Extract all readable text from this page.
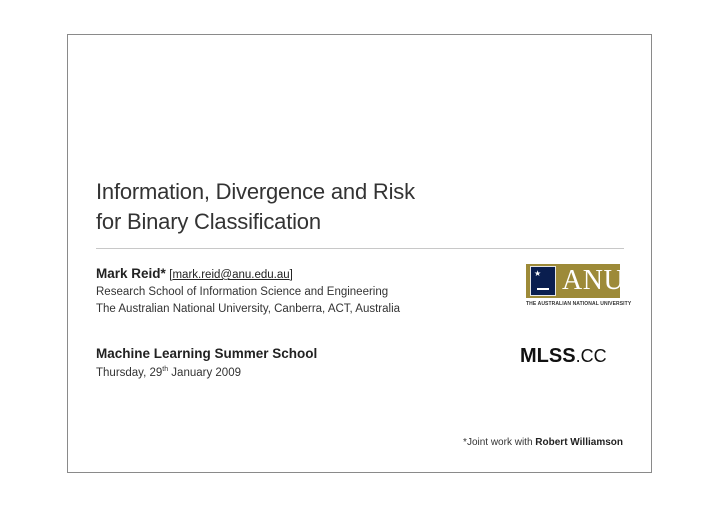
Information, Divergence and Risk
for Binary Classification
Mark Reid* [mark.reid@anu.edu.au]
Research School of Information Science and Engineering
The Australian National University, Canberra, ACT, Australia
★ ANU
THE AUSTRALIAN NATIONAL UNIVERSITY
Machine Learning Summer School
Thursday, 29th January 2009
MLSS.CC
*Joint work with Robert Williamson
